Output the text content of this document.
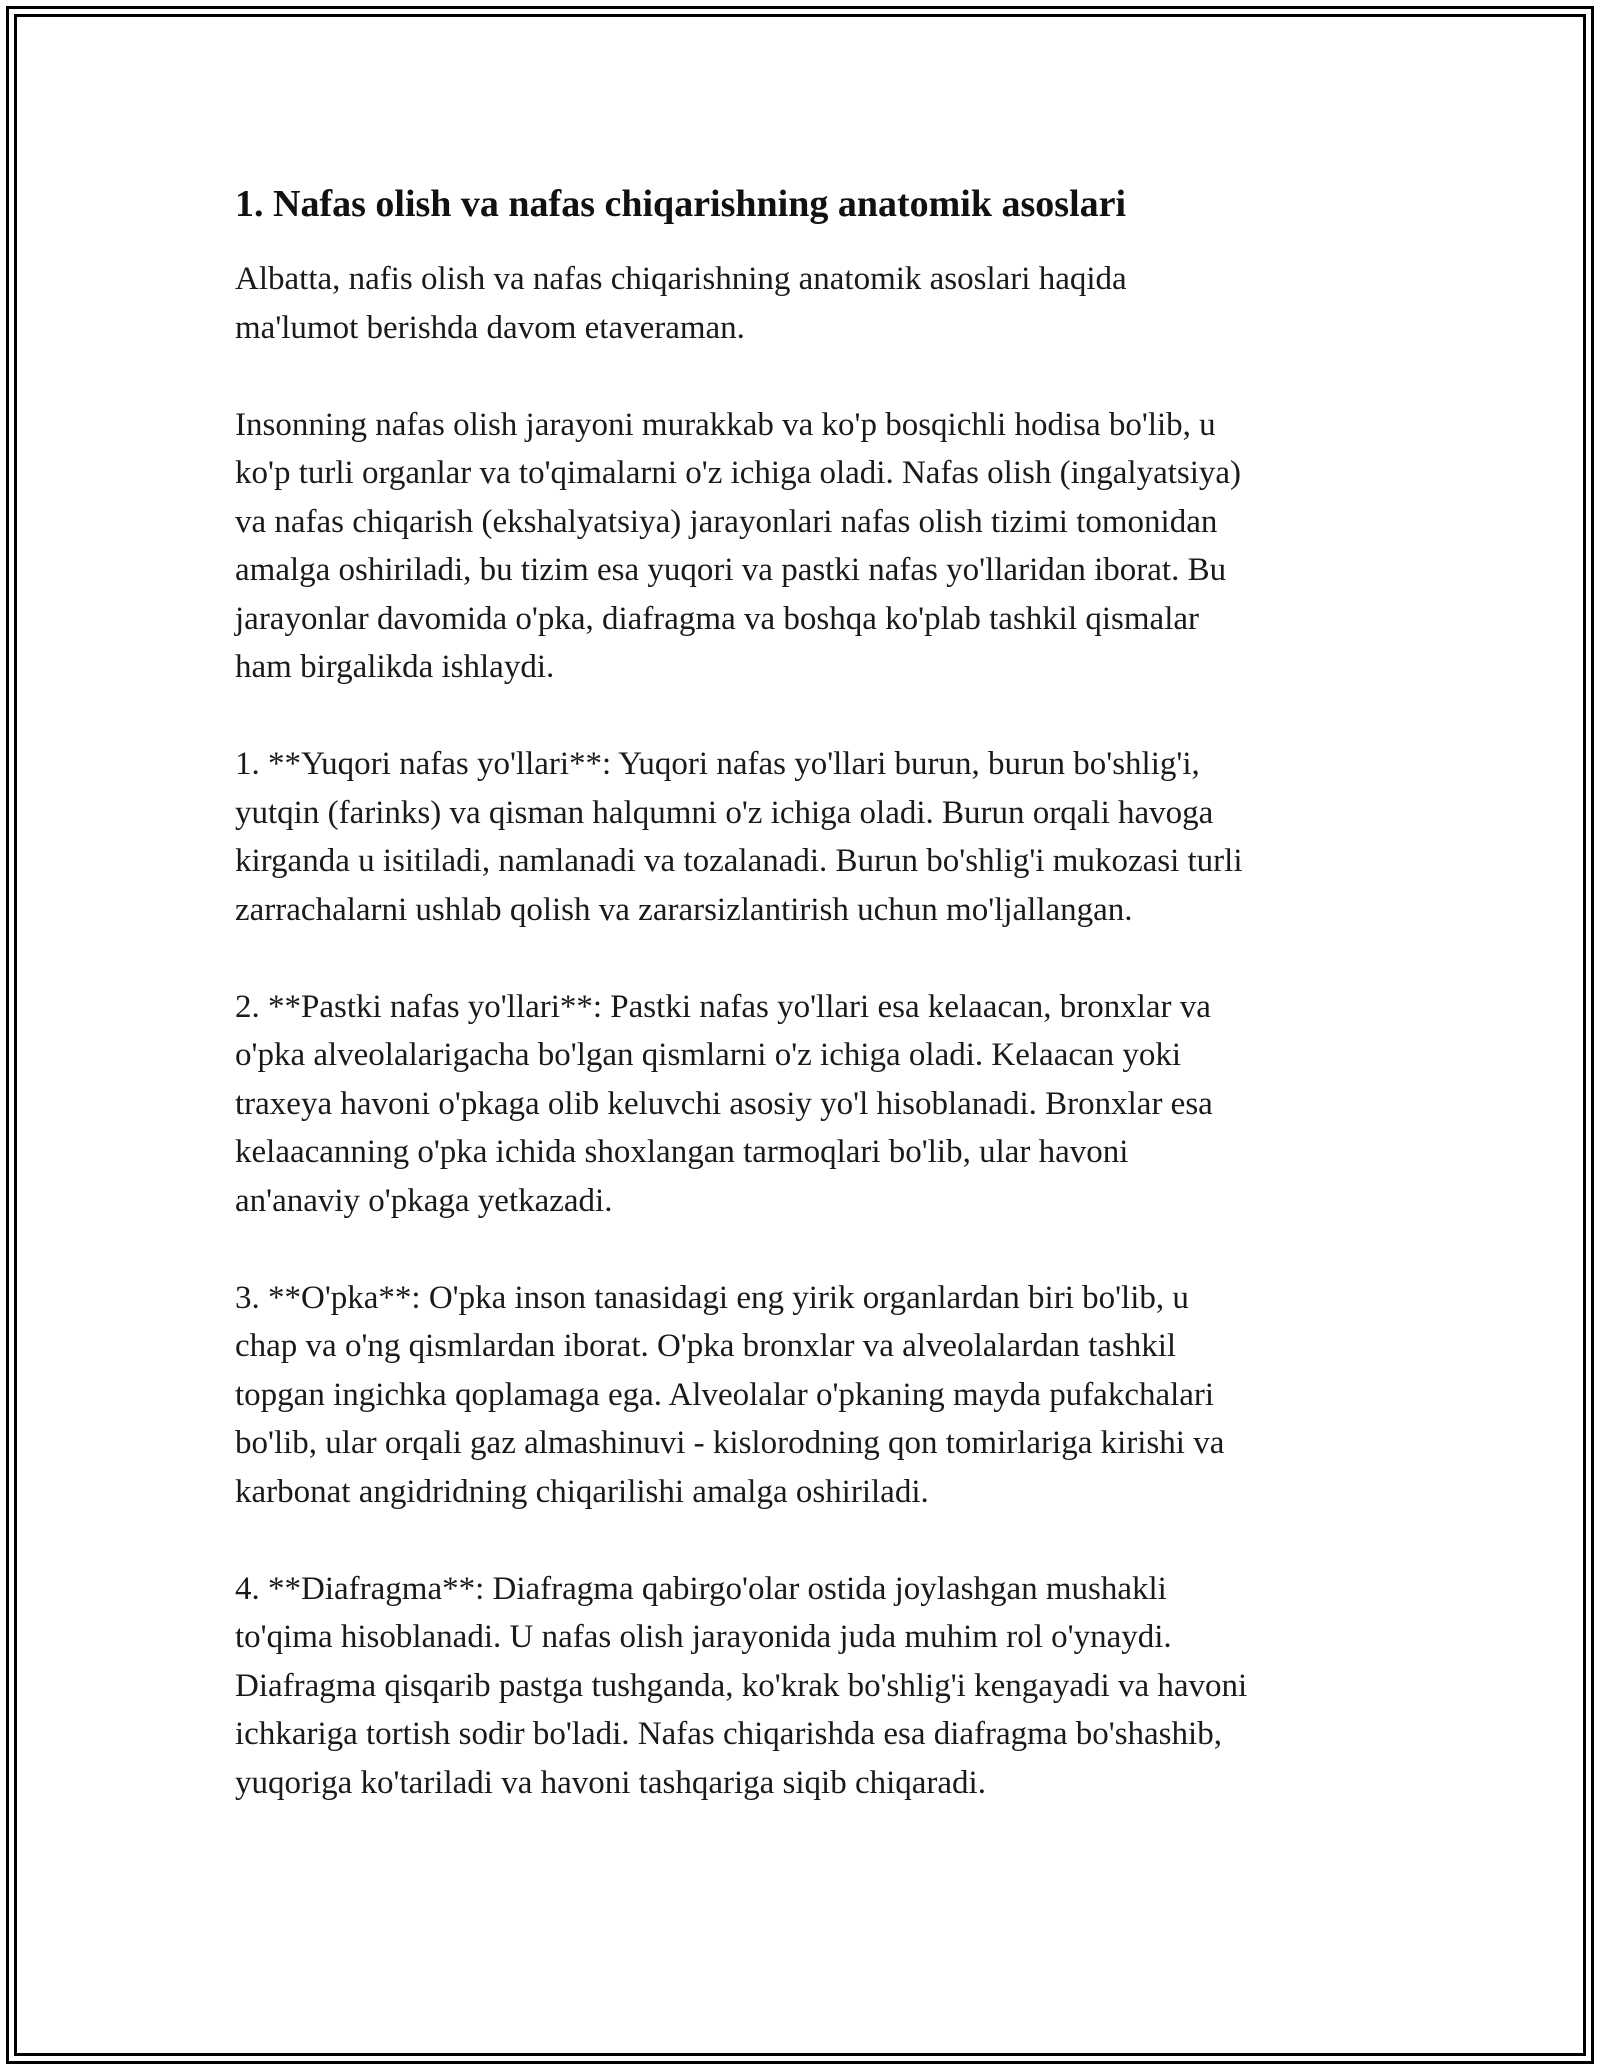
1. Nafas olish va nafas chiqarishning anatomik asoslari

Albatta, nafis olish va nafas chiqarishning anatomik asoslari haqida
ma'lumot berishda davom etaveraman.

Insonning nafas olish jarayoni murakkab va ko'p bosqichli hodisa bo'lib, u
ko'p turli organlar va to'qimalarni o'z ichiga oladi. Nafas olish (ingalyatsiya)
va nafas chiqarish (ekshalyatsiya) jarayonlari nafas olish tizimi tomonidan
amalga oshiriladi, bu tizim esa yuqori va pastki nafas yo'llaridan iborat. Bu
jarayonlar davomida o'pka, diafragma va boshqa ko'plab tashkil qismalar
ham birgalikda ishlaydi.

1. **Yuqori nafas yo'llari**: Yuqori nafas yo'llari burun, burun bo'shlig'i,
yutqin (farinks) va qisman halqumni o'z ichiga oladi. Burun orqali havoga
kirganda u isitiladi, namlanadi va tozalanadi. Burun bo'shlig'i mukozasi turli
zarrachalarni ushlab qolish va zararsizlantirish uchun mo'ljallangan.

2. **Pastki nafas yo'llari**: Pastki nafas yo'llari esa kelaacan, bronxlar va
o'pka alveolalarigacha bo'lgan qismlarni o'z ichiga oladi. Kelaacan yoki
traxeya havoni o'pkaga olib keluvchi asosiy yo'l hisoblanadi. Bronxlar esa
kelaacanning o'pka ichida shoxlangan tarmoqlari bo'lib, ular havoni
an'anaviy o'pkaga yetkazadi.

3. **O'pka**: O'pka inson tanasidagi eng yirik organlardan biri bo'lib, u
chap va o'ng qismlardan iborat. O'pka bronxlar va alveolalardan tashkil
topgan ingichka qoplamaga ega. Alveolalar o'pkaning mayda pufakchalari
bo'lib, ular orqali gaz almashinuvi - kislorodning qon tomirlariga kirishi va
karbonat angidridning chiqarilishi amalga oshiriladi.

4. **Diafragma**: Diafragma qabirgo'olar ostida joylashgan mushakli
to'qima hisoblanadi. U nafas olish jarayonida juda muhim rol o'ynaydi.
Diafragma qisqarib pastga tushganda, ko'krak bo'shlig'i kengayadi va havoni
ichkariga tortish sodir bo'ladi. Nafas chiqarishda esa diafragma bo'shashib,
yuqoriga ko'tariladi va havoni tashqariga siqib chiqaradi.
